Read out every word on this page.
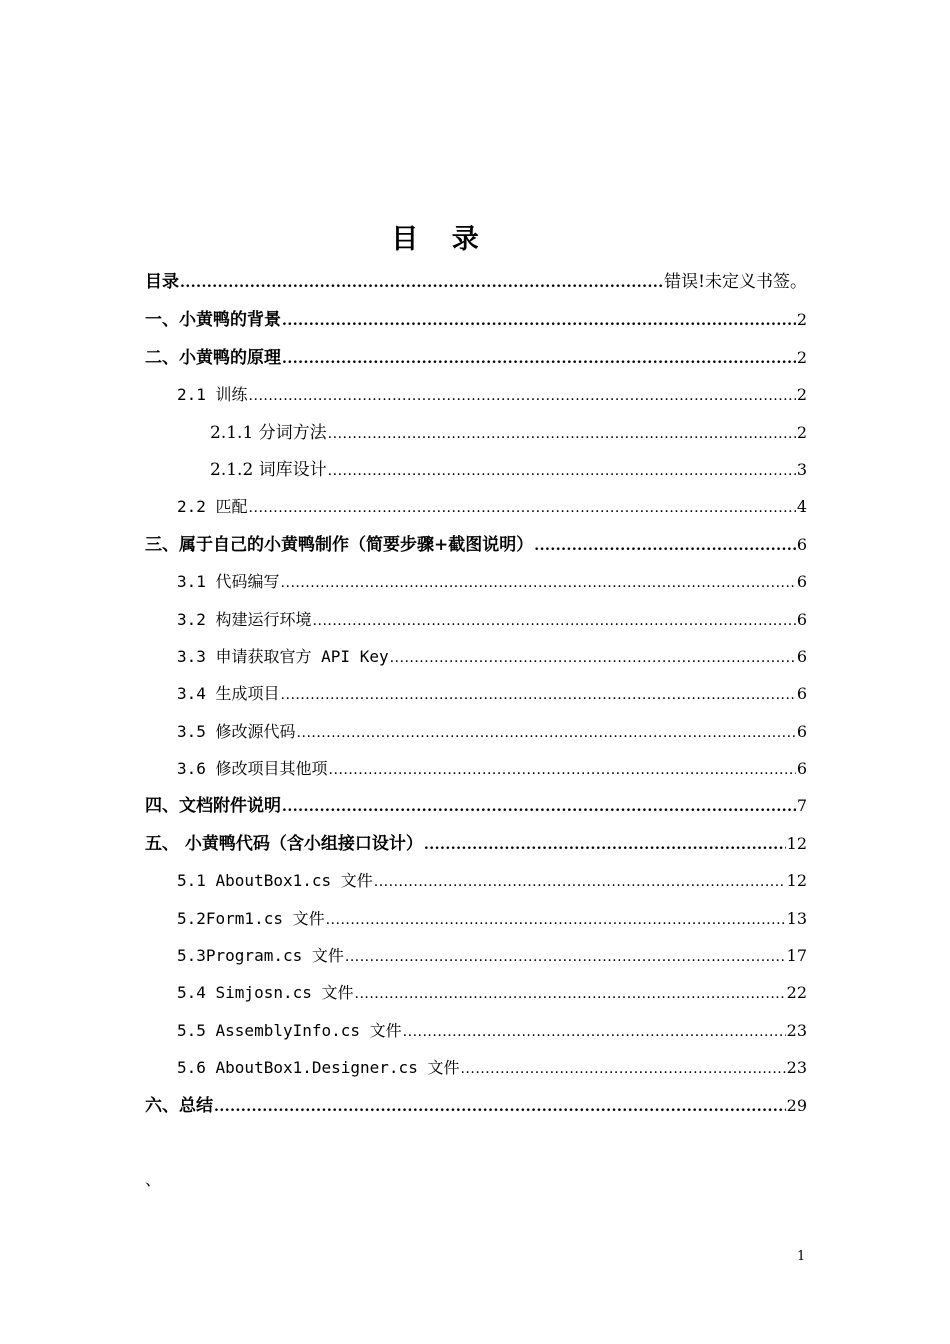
目 录
目录 .....	错误!未定义书签。
一、小黄鸭的背景 .....	2
二、小黄鸭的原理 .....	2
2.1 训练 .....	2
2.1.1 分词方法 .....	2
2.1.2 词库设计 .....	3
2.2 匹配 .....	4
三、属于自己的小黄鸭制作（简要步骤+截图说明） .....	6
3.1 代码编写 .....	6
3.2 构建运行环境 .....	6
3.3 申请获取官方 API Key .....	6
3.4 生成项目 .....	6
3.5 修改源代码 .....	6
3.6 修改项目其他项 .....	6
四、文档附件说明 .....	7
五、 小黄鸭代码（含小组接口设计） .....	12
5.1 AboutBox1.cs 文件 .....	12
5.2Form1.cs 文件 .....	13
5.3Program.cs 文件 .....	17
5.4 Simjosn.cs 文件 .....	22
5.5 AssemblyInfo.cs 文件 .....	23
5.6 AboutBox1.Designer.cs 文件 .....	23
六、总结 .....	29
、
1
